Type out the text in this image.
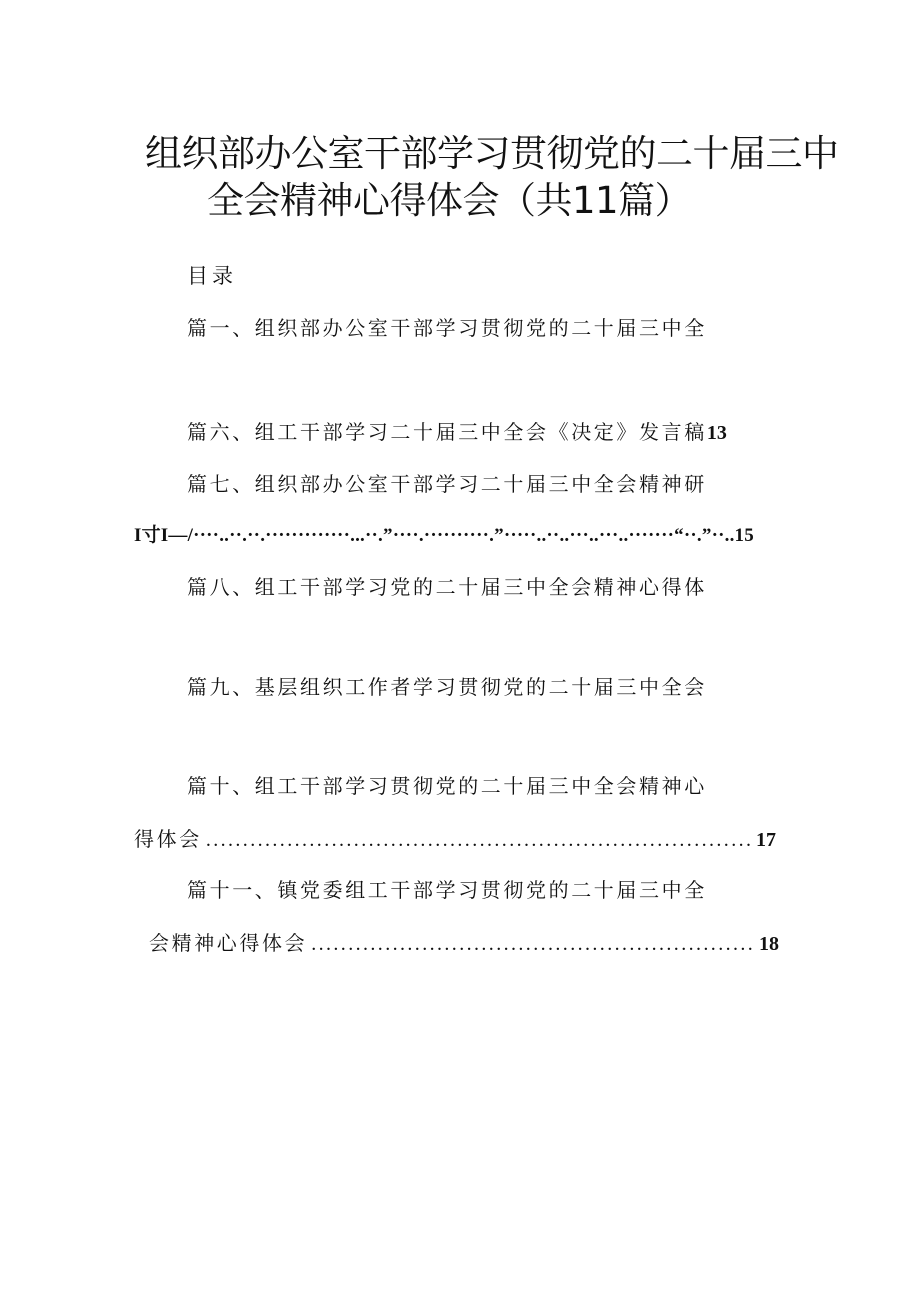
组织部办公室干部学习贯彻党的二十届三中
全会精神心得体会（共11篇）
目录
篇一、组织部办公室干部学习贯彻党的二十届三中全
篇六、组工干部学习二十届三中全会《决定》发言稿13
篇七、组织部办公室干部学习二十届三中全会精神研
I寸I—/····..··.··.·············...··.”····.··········.”·····..··..···..···..·······“··.”··..15
篇八、组工干部学习党的二十届三中全会精神心得体
篇九、基层组织工作者学习贯彻党的二十届三中全会
篇十、组工干部学习贯彻党的二十届三中全会精神心
得体会 .....	17
篇十一、镇党委组工干部学习贯彻党的二十届三中全
会精神心得体会 .....	18
